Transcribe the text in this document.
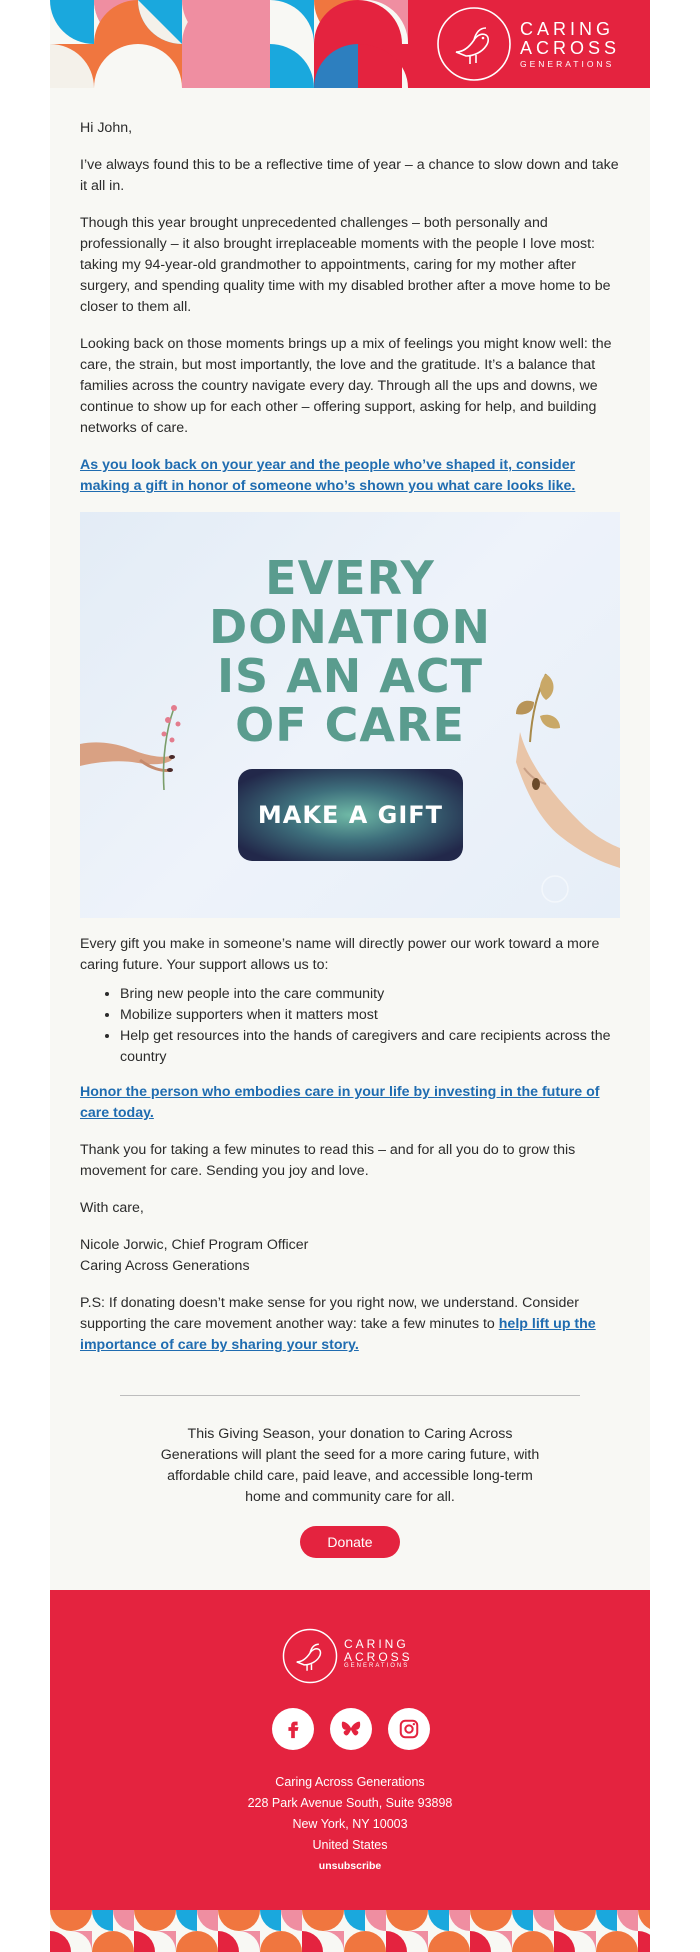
CARING
ACROSS
GENERATIONS

Hi John,

I’ve always found this to be a reflective time of year – a chance to slow down and take it all in.

Though this year brought unprecedented challenges – both personally and professionally – it also brought irreplaceable moments with the people I love most: taking my 94-year-old grandmother to appointments, caring for my mother after surgery, and spending quality time with my disabled brother after a move home to be closer to them all.

Looking back on those moments brings up a mix of feelings you might know well: the care, the strain, but most importantly, the love and the gratitude. It’s a balance that families across the country navigate every day. Through all the ups and downs, we continue to show up for each other – offering support, asking for help, and building networks of care.

As you look back on your year and the people who’ve shaped it, consider making a gift in honor of someone who’s shown you what care looks like.

EVERY
DONATION
IS AN ACT
OF CARE
MAKE A GIFT

Every gift you make in someone’s name will directly power our work toward a more caring future. Your support allows us to:

• Bring new people into the care community
• Mobilize supporters when it matters most
• Help get resources into the hands of caregivers and care recipients across the country

Honor the person who embodies care in your life by investing in the future of care today.

Thank you for taking a few minutes to read this – and for all you do to grow this movement for care. Sending you joy and love.

With care,

Nicole Jorwic, Chief Program Officer
Caring Across Generations

P.S: If donating doesn’t make sense for you right now, we understand. Consider supporting the care movement another way: take a few minutes to help lift up the importance of care by sharing your story.

This Giving Season, your donation to Caring Across Generations will plant the seed for a more caring future, with affordable child care, paid leave, and accessible long-term home and community care for all.
Donate
CARING
ACROSS
GENERATIONS
Caring Across Generations
228 Park Avenue South, Suite 93898
New York, NY 10003
United States
unsubscribe
